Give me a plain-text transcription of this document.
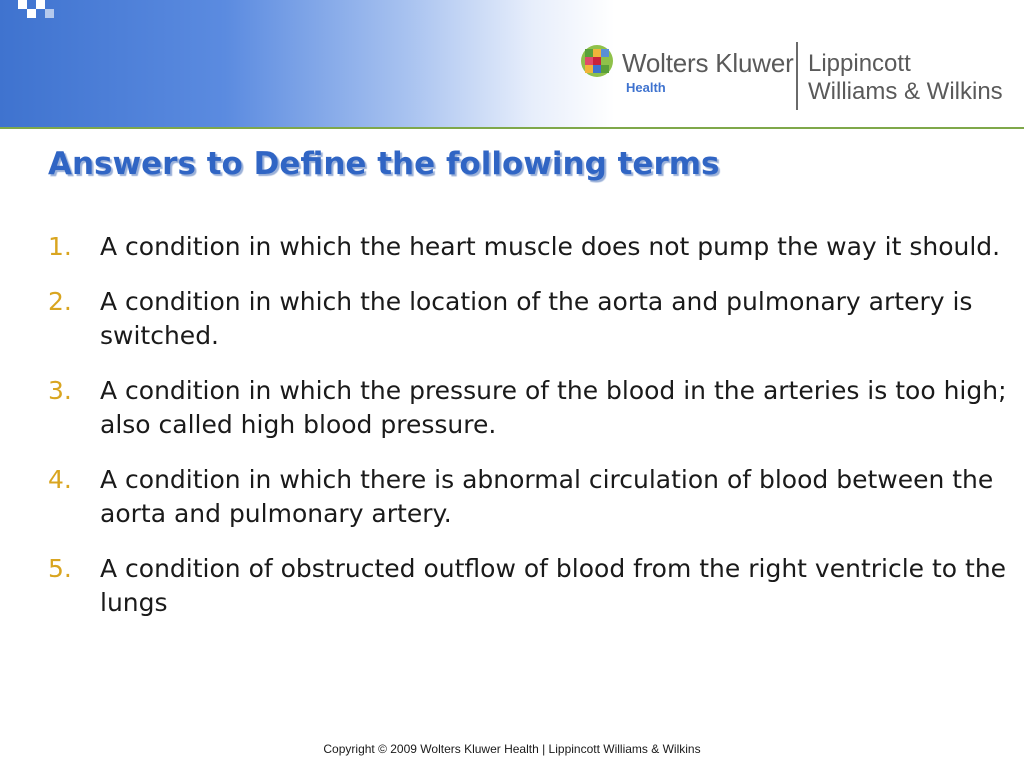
Wolters Kluwer
Health
Lippincott
Williams & Wilkins
Answers to Define the following terms
1. A condition in which the heart muscle does not pump the way it should.
2. A condition in which the location of the aorta and pulmonary artery is switched.
3. A condition in which the pressure of the blood in the arteries is too high; also called high blood pressure.
4. A condition in which there is abnormal circulation of blood between the aorta and pulmonary artery.
5. A condition of obstructed outflow of blood from the right ventricle to the lungs
Copyright © 2009 Wolters Kluwer Health | Lippincott Williams & Wilkins
